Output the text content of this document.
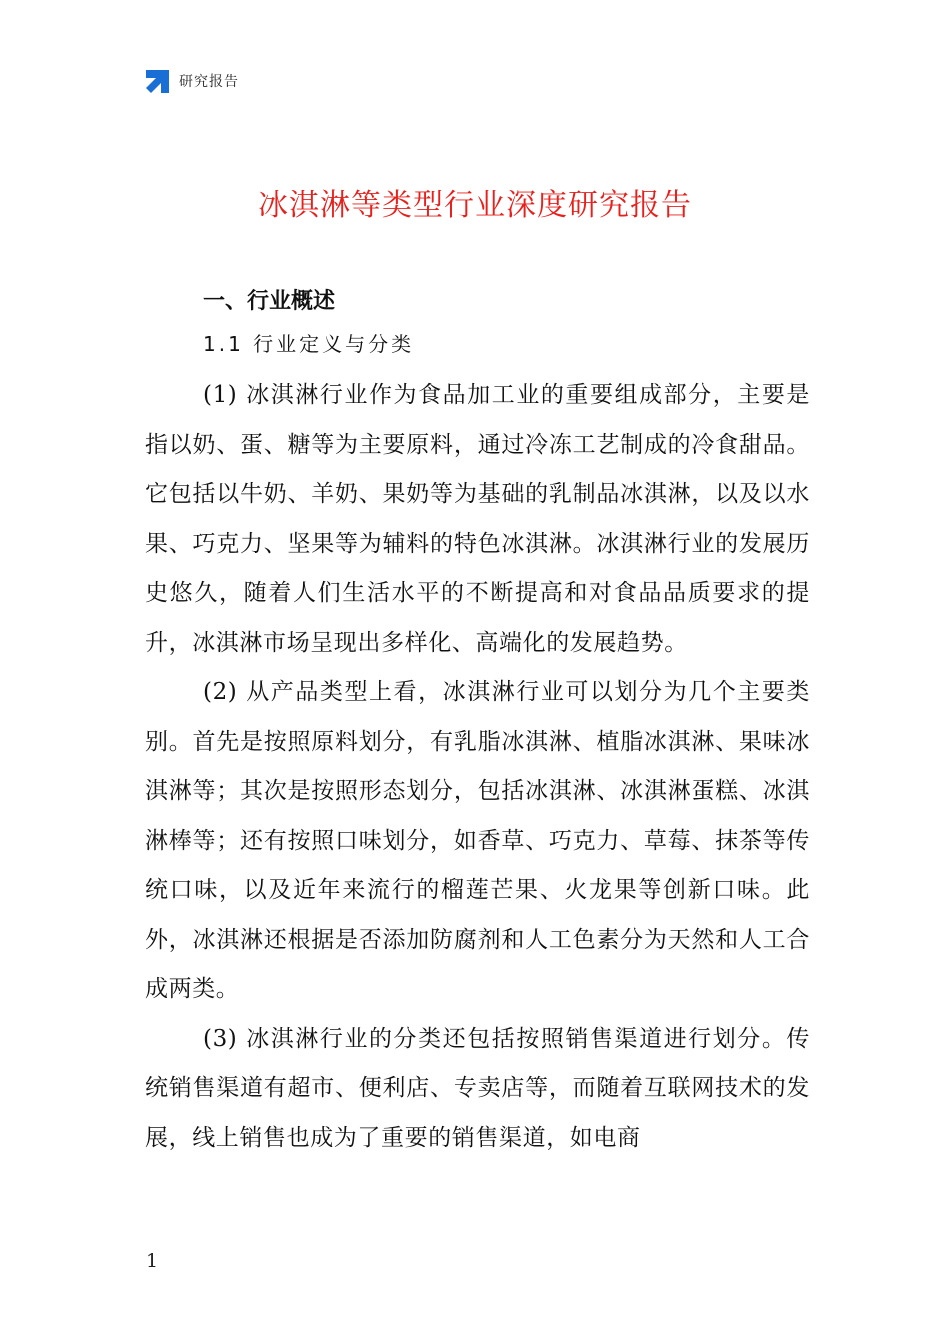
研究报告
冰淇淋等类型行业深度研究报告
一、行业概述
1.1 行业定义与分类

(1) 冰淇淋行业作为食品加工业的重要组成部分，主要是指以奶、蛋、糖等为主要原料，通过冷冻工艺制成的冷食甜品。它包括以牛奶、羊奶、果奶等为基础的乳制品冰淇淋，以及以水果、巧克力、坚果等为辅料的特色冰淇淋。冰淇淋行业的发展历史悠久，随着人们生活水平的不断提高和对食品品质要求的提升，冰淇淋市场呈现出多样化、高端化的发展趋势。

(2) 从产品类型上看，冰淇淋行业可以划分为几个主要类别。首先是按照原料划分，有乳脂冰淇淋、植脂冰淇淋、果味冰淇淋等；其次是按照形态划分，包括冰淇淋、冰淇淋蛋糕、冰淇淋棒等；还有按照口味划分，如香草、巧克力、草莓、抹茶等传统口味，以及近年来流行的榴莲芒果、火龙果等创新口味。此外，冰淇淋还根据是否添加防腐剂和人工色素分为天然和人工合成两类。

(3) 冰淇淋行业的分类还包括按照销售渠道进行划分。传统销售渠道有超市、便利店、专卖店等，而随着互联网技术的发展，线上销售也成为了重要的销售渠道，如电商

1
